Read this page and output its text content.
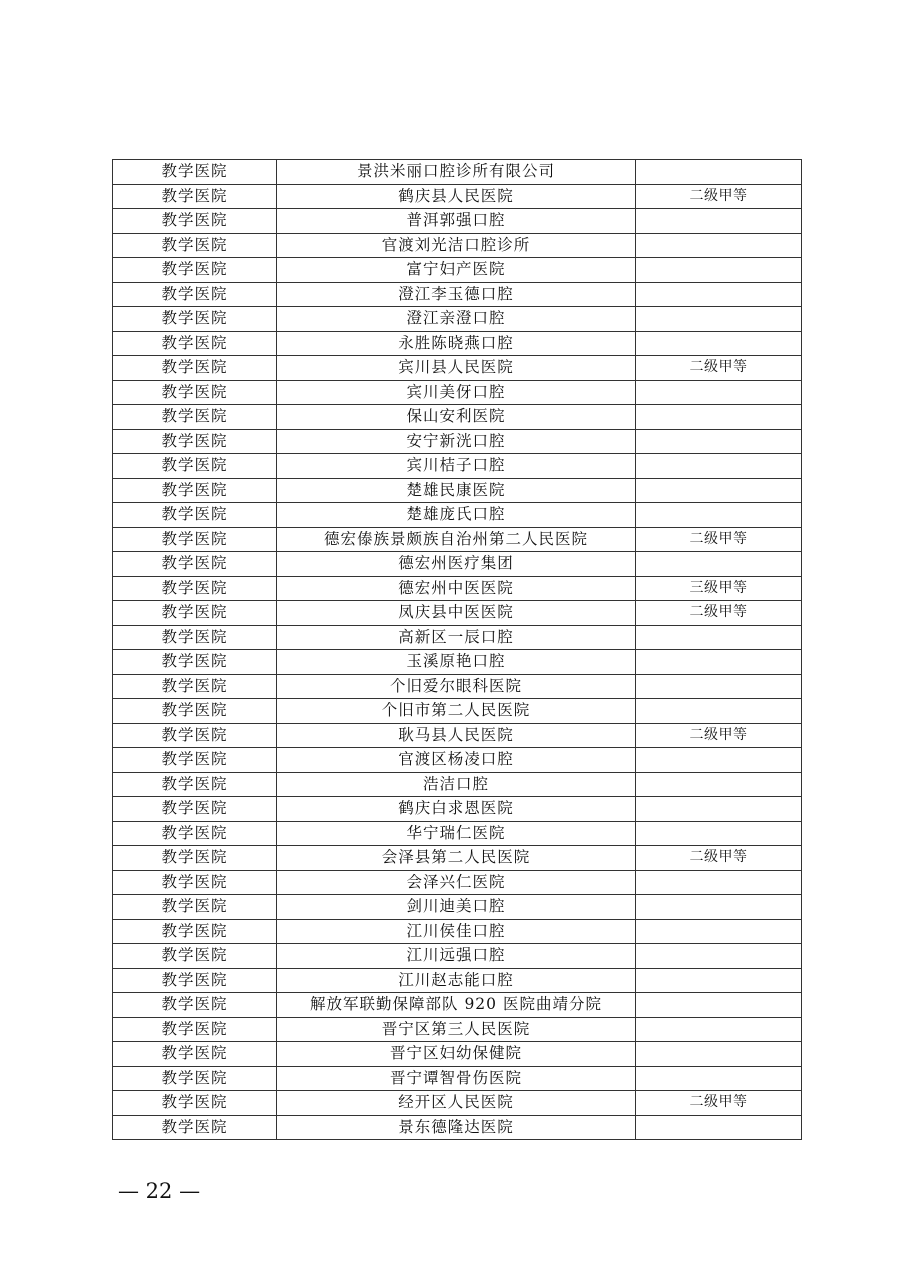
教学医院	景洪米丽口腔诊所有限公司	
教学医院	鹤庆县人民医院	二级甲等
教学医院	普洱郭强口腔	
教学医院	官渡刘光洁口腔诊所	
教学医院	富宁妇产医院	
教学医院	澄江李玉德口腔	
教学医院	澄江亲澄口腔	
教学医院	永胜陈晓燕口腔	
教学医院	宾川县人民医院	二级甲等
教学医院	宾川美伢口腔	
教学医院	保山安利医院	
教学医院	安宁新洸口腔	
教学医院	宾川桔子口腔	
教学医院	楚雄民康医院	
教学医院	楚雄庞氏口腔	
教学医院	德宏傣族景颇族自治州第二人民医院	二级甲等
教学医院	德宏州医疗集团	
教学医院	德宏州中医医院	三级甲等
教学医院	凤庆县中医医院	二级甲等
教学医院	高新区一辰口腔	
教学医院	玉溪原艳口腔	
教学医院	个旧爱尔眼科医院	
教学医院	个旧市第二人民医院	
教学医院	耿马县人民医院	二级甲等
教学医院	官渡区杨凌口腔	
教学医院	浩洁口腔	
教学医院	鹤庆白求恩医院	
教学医院	华宁瑞仁医院	
教学医院	会泽县第二人民医院	二级甲等
教学医院	会泽兴仁医院	
教学医院	剑川迪美口腔	
教学医院	江川侯佳口腔	
教学医院	江川远强口腔	
教学医院	江川赵志能口腔	
教学医院	解放军联勤保障部队 920 医院曲靖分院	
教学医院	晋宁区第三人民医院	
教学医院	晋宁区妇幼保健院	
教学医院	晋宁谭智骨伤医院	
教学医院	经开区人民医院	二级甲等
教学医院	景东德隆达医院	
— 22 —
